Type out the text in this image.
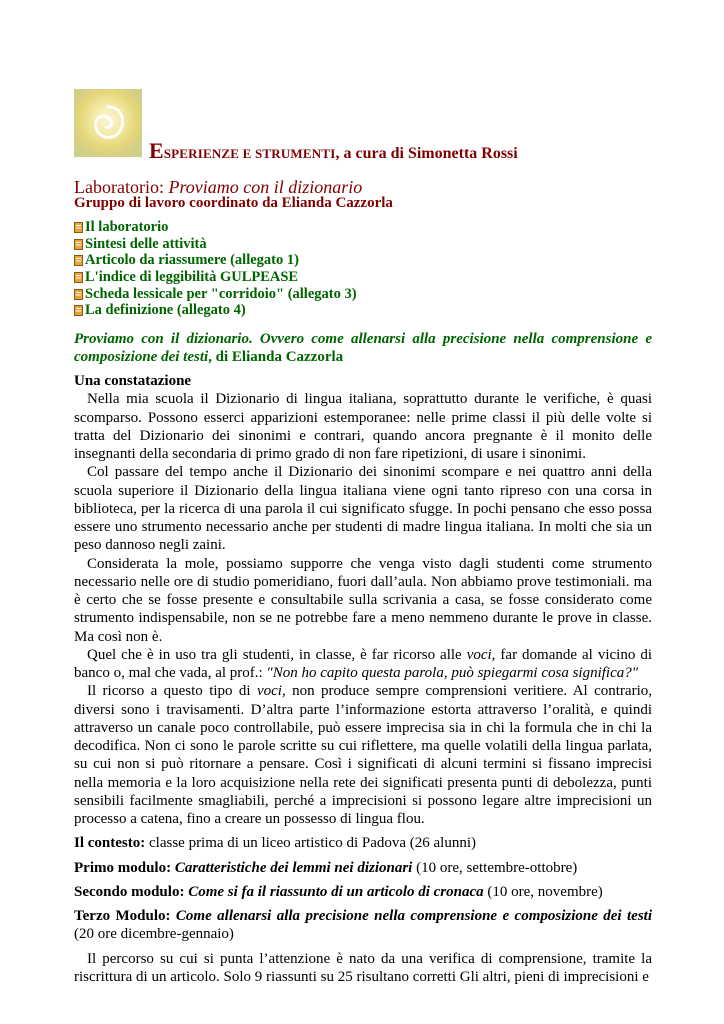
ESPERIENZE E STRUMENTI, a cura di Simonetta Rossi
Laboratorio: Proviamo con il dizionario
Gruppo di lavoro coordinato da Elianda Cazzorla
Il laboratorio
Sintesi delle attività
Articolo da riassumere (allegato 1)
L'indice di leggibilità GULPEASE
Scheda lessicale per "corridoio" (allegato 3)
La definizione (allegato 4)
Proviamo con il dizionario. Ovvero come allenarsi alla precisione nella comprensione e composizione dei testi, di Elianda Cazzorla
Una constatazione

Nella mia scuola il Dizionario di lingua italiana, soprattutto durante le verifiche, è quasi scomparso. Possono esserci apparizioni estemporanee: nelle prime classi il più delle volte si tratta del Dizionario dei sinonimi e contrari, quando ancora pregnante è il monito delle insegnanti della secondaria di primo grado di non fare ripetizioni, di usare i sinonimi.

Col passare del tempo anche il Dizionario dei sinonimi scompare e nei quattro anni della scuola superiore il Dizionario della lingua italiana viene ogni tanto ripreso con una corsa in biblioteca, per la ricerca di una parola il cui significato sfugge. In pochi pensano che esso possa essere uno strumento necessario anche per studenti di madre lingua italiana. In molti che sia un peso dannoso negli zaini.

Considerata la mole, possiamo supporre che venga visto dagli studenti come strumento necessario nelle ore di studio pomeridiano, fuori dall’aula. Non abbiamo prove testimoniali. ma è certo che se fosse presente e consultabile sulla scrivania a casa, se fosse considerato come strumento indispensabile, non se ne potrebbe fare a meno nemmeno durante le prove in classe. Ma così non è.

Quel che è in uso tra gli studenti, in classe, è far ricorso alle voci, far domande al vicino di banco o, mal che vada, al prof.: "Non ho capito questa parola, può spiegarmi cosa significa?"

Il ricorso a questo tipo di voci, non produce sempre comprensioni veritiere. Al contrario, diversi sono i travisamenti. D’altra parte l’informazione estorta attraverso l’oralità, e quindi attraverso un canale poco controllabile, può essere imprecisa sia in chi la formula che in chi la decodifica. Non ci sono le parole scritte su cui riflettere, ma quelle volatili della lingua parlata, su cui non si può ritornare a pensare. Così i significati di alcuni termini si fissano imprecisi nella memoria e la loro acquisizione nella rete dei significati presenta punti di debolezza, punti sensibili facilmente smagliabili, perché a imprecisioni si possono legare altre imprecisioni un processo a catena, fino a creare un possesso di lingua flou.

Il contesto: classe prima di un liceo artistico di Padova (26 alunni)

Primo modulo: Caratteristiche dei lemmi nei dizionari (10 ore, settembre-ottobre)

Secondo modulo: Come si fa il riassunto di un articolo di cronaca (10 ore, novembre)

Terzo Modulo: Come allenarsi alla precisione nella comprensione e composizione dei testi (20 ore dicembre-gennaio)

Il percorso su cui si punta l’attenzione è nato da una verifica di comprensione, tramite la riscrittura di un articolo. Solo 9 riassunti su 25 risultano corretti Gli altri, pieni di imprecisioni e
